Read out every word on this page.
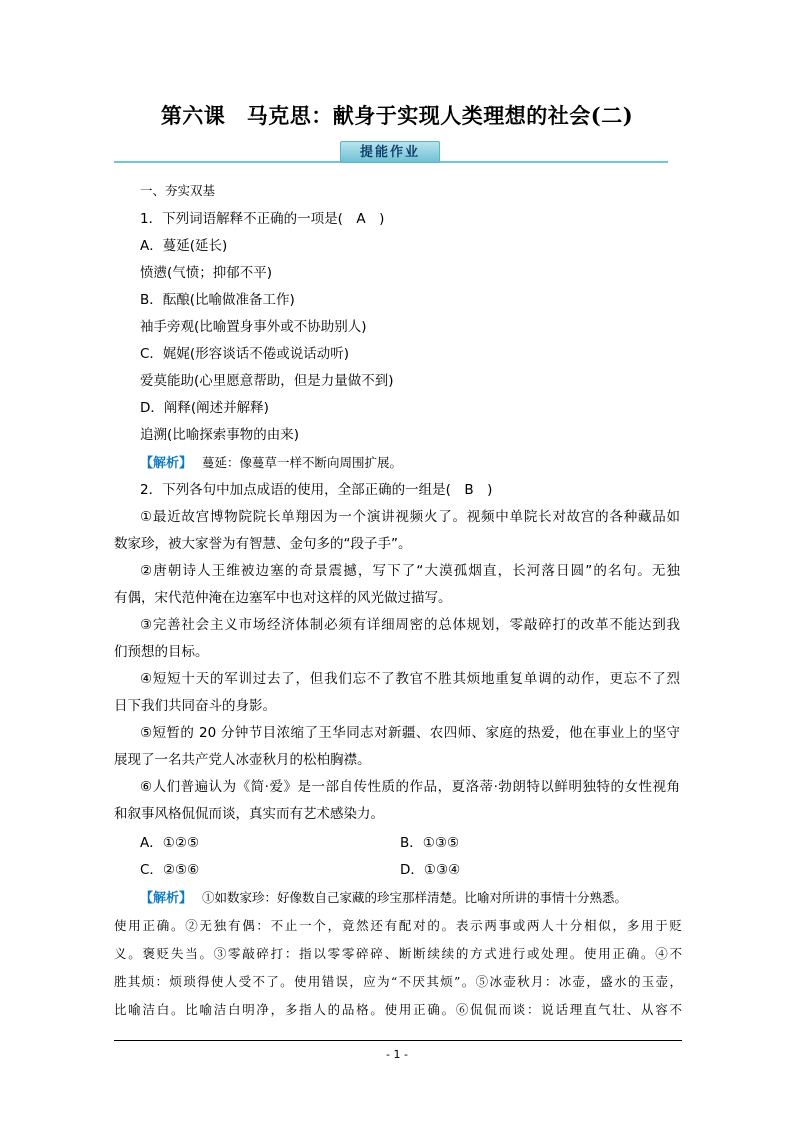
第六课　马克思：献身于实现人类理想的社会(二)
提能作业
一、夯实双基
1．下列词语解释不正确的一项是(　A　)
A．蔓延(延长)
愤懑(气愤；抑郁不平)
B．酝酿(比喻做准备工作)
袖手旁观(比喻置身事外或不协助别人)
C．娓娓(形容谈话不倦或说话动听)
爱莫能助(心里愿意帮助，但是力量做不到)
D．阐释(阐述并解释)
追溯(比喻探索事物的由来)
【 解析 】 蔓延：像蔓草一样不断向周围扩展。
2．下列各句中加点成语的使用，全部正确的一组是(　B　)
①最近故宫博物院院长单翔因为一个演讲视频火了。视频中单院长对故宫的各种藏品如
数家珍，被大家誉为有智慧、金句多的“段子手”。
②唐朝诗人王维被边塞的奇景震撼，写下了“大漠孤烟直，长河落日圆”的名句。无独
有偶，宋代范仲淹在边塞军中也对这样的风光做过描写。
③完善社会主义市场经济体制必须有详细周密的总体规划，零敲碎打的改革不能达到我
们预想的目标。
④短短十天的军训过去了，但我们忘不了教官不胜其烦地重复单调的动作，更忘不了烈
日下我们共同奋斗的身影。
⑤短暂的 20 分钟节目浓缩了王华同志对新疆、农四师、家庭的热爱，他在事业上的坚守
展现了一名共产党人冰壶秋月的松柏胸襟。
⑥人们普遍认为《简·爱》是一部自传性质的作品，夏洛蒂·勃朗特以鲜明独特的女性视角
和叙事风格侃侃而谈，真实而有艺术感染力。
A．①②⑤	B．①③⑤
C．②⑤⑥	D．①③④
【 解析 】 ①如数家珍：好像数自己家藏的珍宝那样清楚。比喻对所讲的事情十分熟悉。
使用正确。②无独有偶：不止一个，竟然还有配对的。表示两事或两人十分相似，多用于贬
义。褒贬失当。③零敲碎打：指以零零碎碎、断断续续的方式进行或处理。使用正确。④不
胜其烦：烦琐得使人受不了。使用错误，应为“不厌其烦”。⑤冰壶秋月：冰壶，盛水的玉壶，
比喻洁白。比喻洁白明净，多指人的品格。使用正确。⑥侃侃而谈：说话理直气壮、从容不
- 1 -
